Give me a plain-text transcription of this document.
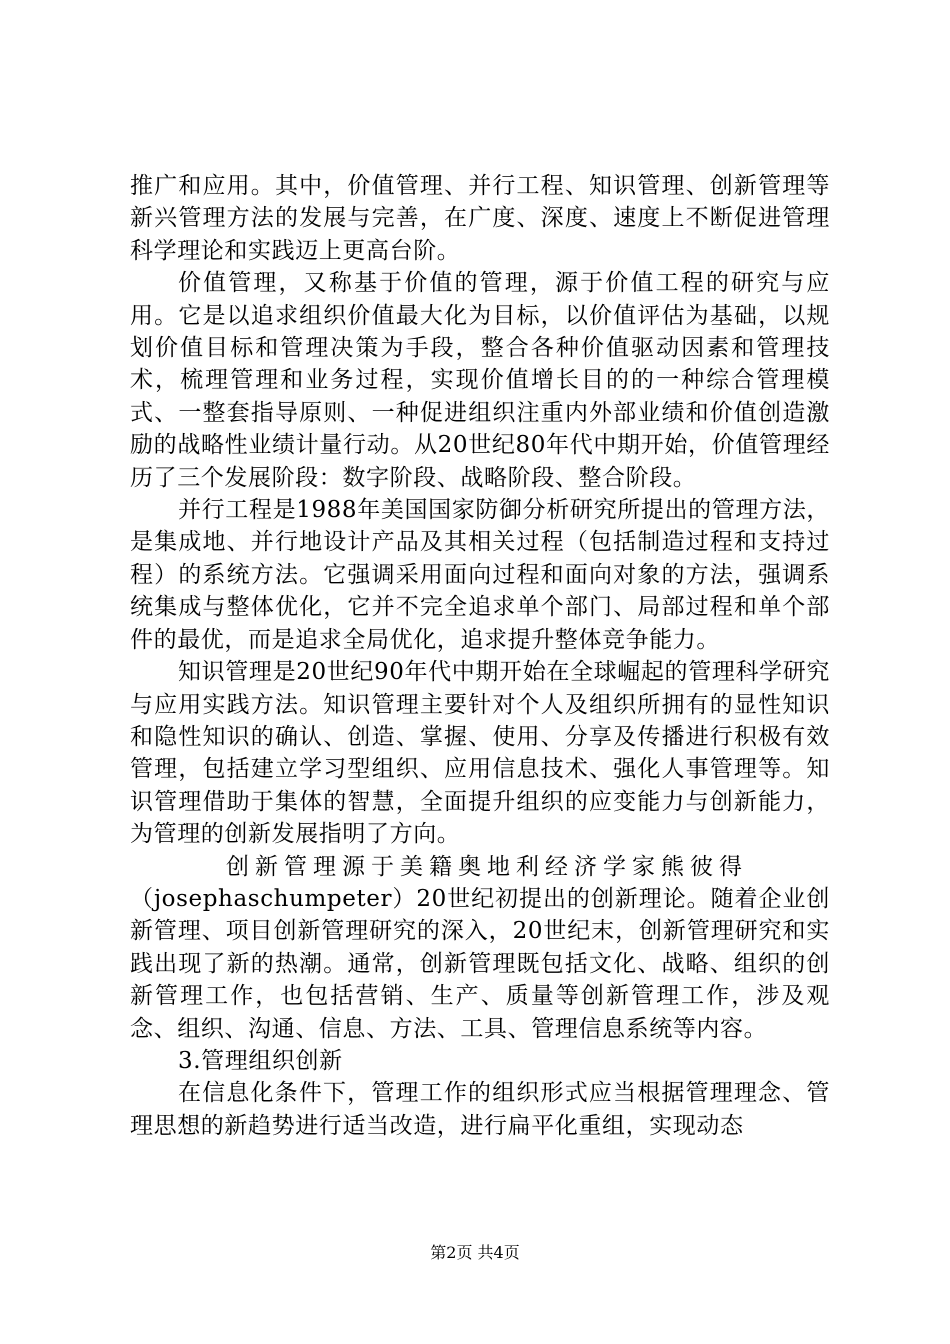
推广和应用。其中，价值管理、并行工程、知识管理、创新管理等新兴管理方法的发展与完善，在广度、深度、速度上不断促进管理科学理论和实践迈上更高台阶。

价值管理，又称基于价值的管理，源于价值工程的研究与应用。它是以追求组织价值最大化为目标，以价值评估为基础，以规划价值目标和管理决策为手段，整合各种价值驱动因素和管理技术，梳理管理和业务过程，实现价值增长目的的一种综合管理模式、一整套指导原则、一种促进组织注重内外部业绩和价值创造激励的战略性业绩计量行动。从20世纪80年代中期开始，价值管理经历了三个发展阶段：数字阶段、战略阶段、整合阶段。

并行工程是1988年美国国家防御分析研究所提出的管理方法，是集成地、并行地设计产品及其相关过程（包括制造过程和支持过程）的系统方法。它强调采用面向过程和面向对象的方法，强调系统集成与整体优化，它并不完全追求单个部门、局部过程和单个部件的最优，而是追求全局优化，追求提升整体竞争能力。

知识管理是20世纪90年代中期开始在全球崛起的管理科学研究与应用实践方法。知识管理主要针对个人及组织所拥有的显性知识和隐性知识的确认、创造、掌握、使用、分享及传播进行积极有效管理，包括建立学习型组织、应用信息技术、强化人事管理等。知识管理借助于集体的智慧，全面提升组织的应变能力与创新能力，为管理的创新发展指明了方向。

创新管理源于美籍奥地利经济学家熊彼得

（josephaschumpeter）20世纪初提出的创新理论。随着企业创新管理、项目创新管理研究的深入，20世纪末，创新管理研究和实践出现了新的热潮。通常，创新管理既包括文化、战略、组织的创新管理工作，也包括营销、生产、质量等创新管理工作，涉及观念、组织、沟通、信息、方法、工具、管理信息系统等内容。

3.管理组织创新

在信息化条件下，管理工作的组织形式应当根据管理理念、管理思想的新趋势进行适当改造，进行扁平化重组，实现动态

第2页 共4页
